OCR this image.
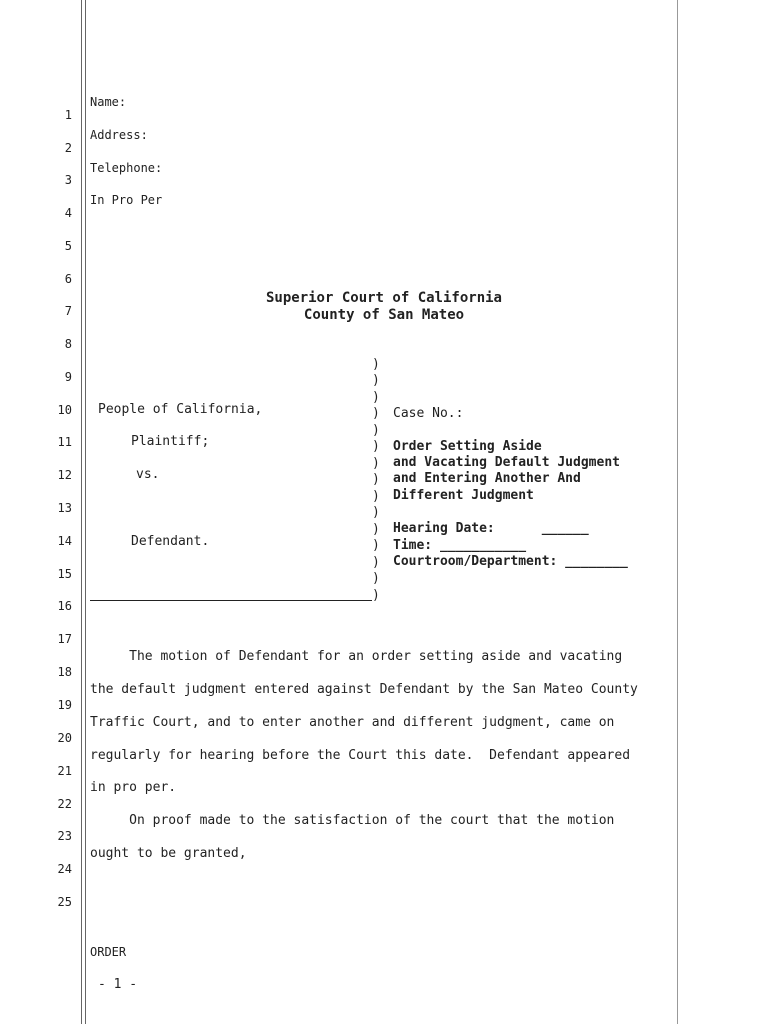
1
2
3
4
5
6
7
8
9
10
11
12
13
14
15
16
17
18
19
20
21
22
23
24
25
Name:
Address:
Telephone:
In Pro Per
Superior Court of California
County of San Mateo
People of California,
Plaintiff;
vs.
Defendant.
)
)
)
)
)
)
)
)
)
)
)
)
)
)
)
Case No.:
Order Setting Aside
and Vacating Default Judgment
and Entering Another And
Different Judgment
Hearing Date:      ______
Time: ___________
Courtroom/Department: ________
The motion of Defendant for an order setting aside and vacating
the default judgment entered against Defendant by the San Mateo County
Traffic Court, and to enter another and different judgment, came on
regularly for hearing before the Court this date.  Defendant appeared
in pro per.
On proof made to the satisfaction of the court that the motion
ought to be granted,
ORDER
- 1 -
